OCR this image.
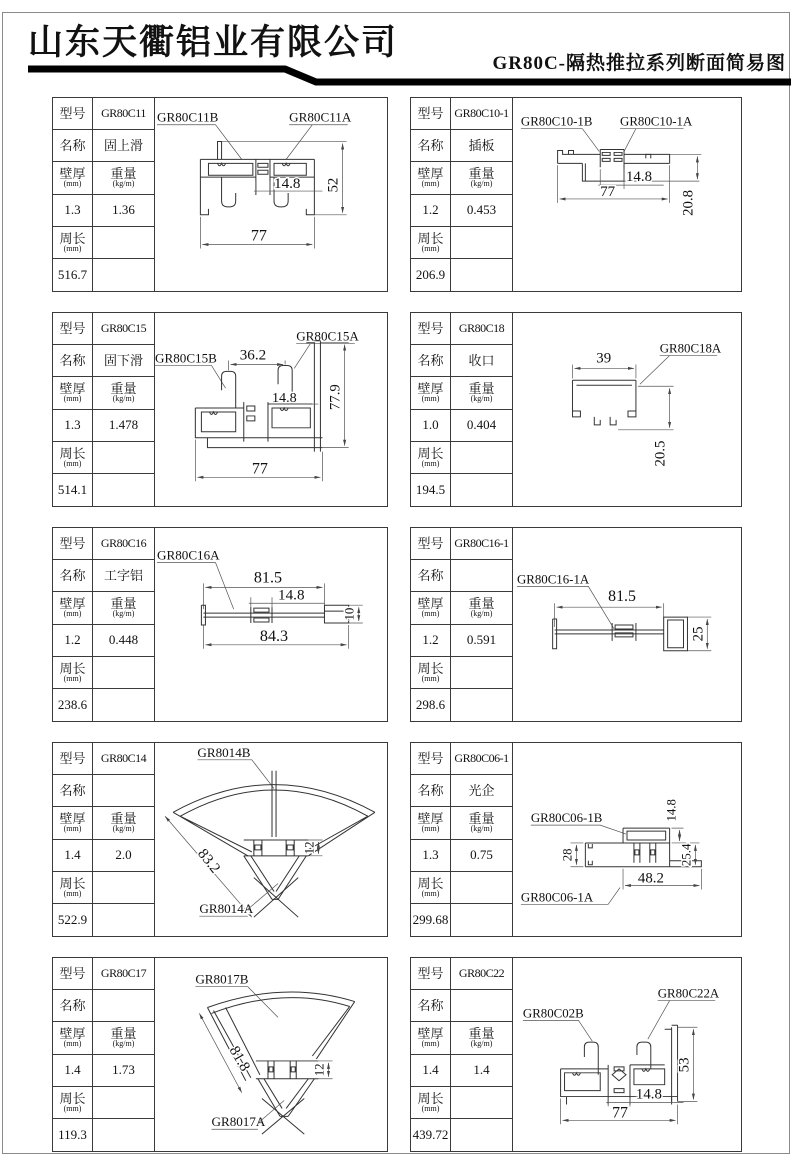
山东天衢铝业有限公司
GR80C-隔热推拉系列断面简易图
型号	GR80C11
名称	固上滑
壁厚
(mm)
重量
(kg/m)
1.3	1.36
周长
(mm)
516.7
GR80C11B	GR80C11A
14.8 52
77
型号 GR80C10-1
名称	插板
壁厚
(mm)
重量
(kg/m)
1.2	0.453
周长
(mm)
206.9
GR80C10-1B GR80C10-1A
14.8
77	20.8
型号	GR80C15
名称	固下滑
壁厚
(mm)
重量
(kg/m)
1.3	1.478
周长
(mm)
514.1
GR80C15B
GR80C15A
36.2
14.8 77.9
77
型号	GR80C18
名称	收口
壁厚
(mm)
重量
(kg/m)
1.0	0.404
周长
(mm)
194.5
GR80C18A
39
20.5
型号	GR80C16
名称	工字铝
壁厚
(mm)
重量
(kg/m)
1.2	0.448
周长
(mm)
238.6
GR80C16A
81.5
14.8
10
84.3
型号 GR80C16-1
名称
壁厚
(mm)
重量
(kg/m)
1.2	0.591
周长
(mm)
298.6
GR80C16-1A
81.5
25
型号	GR80C14
名称
壁厚
(mm)
重量
(kg/m)
1.4	2.0
周长
(mm)
522.9
GR8014B
12
83.2
GR8014A
型号 GR80C06-1
名称	光企
壁厚
(mm)
重量
(kg/m)
1.3	0.75
周长
(mm)
299.68
GR80C06-1B
28
14.8
25.4
48.2
GR80C06-1A
型号	GR80C17
名称
壁厚
(mm)
重量
(kg/m)
1.4	1.73
周长
(mm)
119.3
GR8017B
12
81.8
GR8017A
型号	GR80C22
名称
壁厚
(mm)
重量
(kg/m)
1.4	1.4
周长
(mm)
439.72
GR80C02B
GR80C22A
14.8
77
53
